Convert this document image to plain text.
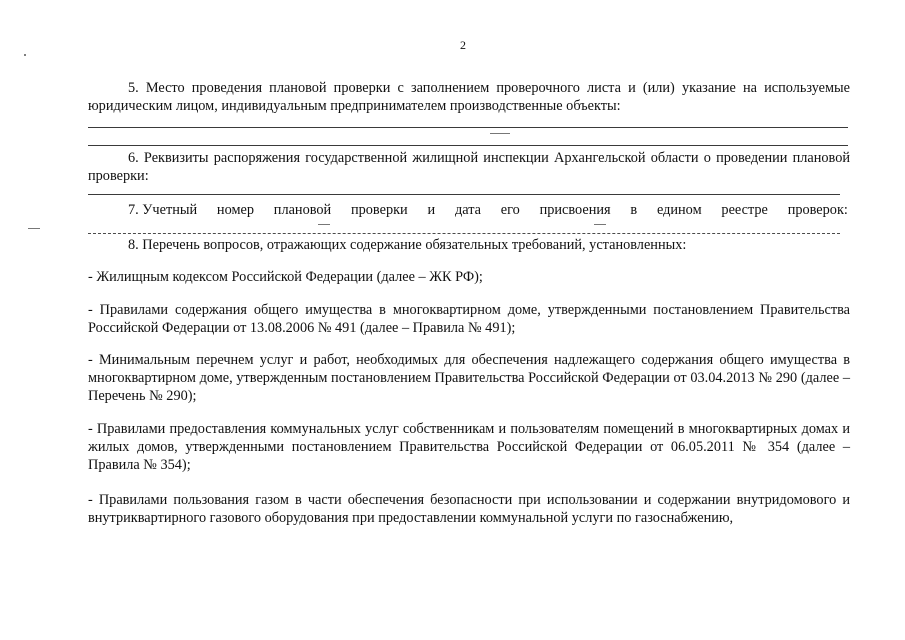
2
5. Место проведения плановой проверки с заполнением проверочного листа и (или) указание на используемые юридическим лицом, индивидуальным предпринимателем производственные объекты:
6. Реквизиты распоряжения государственной жилищной инспекции Архангельской области о проведении плановой проверки:
7. Учетный номер плановой проверки и дата его присвоения в едином реестре проверок:
8. Перечень вопросов, отражающих содержание обязательных требований, установленных:
- Жилищным кодексом Российской Федерации (далее – ЖК РФ);
- Правилами содержания общего имущества в многоквартирном доме, утвержденными постановлением Правительства Российской Федерации от 13.08.2006 № 491 (далее – Правила № 491);
- Минимальным перечнем услуг и работ, необходимых для обеспечения надлежащего содержания общего имущества в многоквартирном доме, утвержденным постановлением Правительства Российской Федерации от 03.04.2013 № 290 (далее – Перечень № 290);
- Правилами предоставления коммунальных услуг собственникам и пользователям помещений в многоквартирных домах и жилых домов, утвержденными постановлением Правительства Российской Федерации от 06.05.2011 № 354 (далее – Правила № 354);
- Правилами пользования газом в части обеспечения безопасности при использовании и содержании внутридомового и внутриквартирного газового оборудования при предоставлении коммунальной услуги по газоснабжению,
